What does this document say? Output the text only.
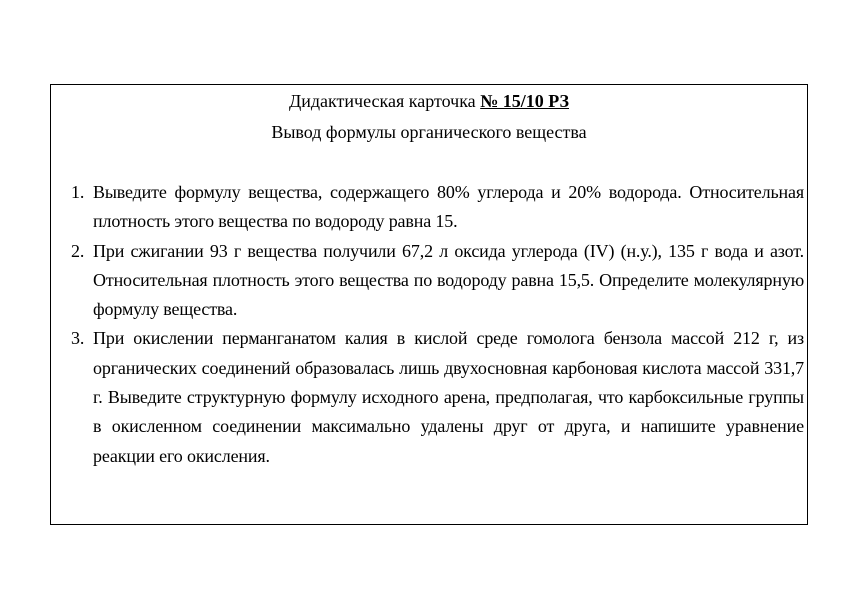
Дидактическая карточка № 15/10 РЗ

Вывод формулы органического вещества

1. Выведите формулу вещества, содержащего 80% углерода и 20% водорода. Относительная плотность этого вещества по водороду равна 15.
2. При сжигании 93 г вещества получили 67,2 л оксида углерода (IV) (н.у.), 135 г вода и азот. Относительная плотность этого вещества по водороду равна 15,5. Определите молекулярную формулу вещества.
3. При окислении перманганатом калия в кислой среде гомолога бензола массой 212 г, из органических соединений образовалась лишь двухосновная карбоновая кислота массой 331,7 г. Выведите структурную формулу исходного арена, предполагая, что карбоксильные группы в окисленном соединении максимально удалены друг от друга, и напишите уравнение реакции его окисления.
